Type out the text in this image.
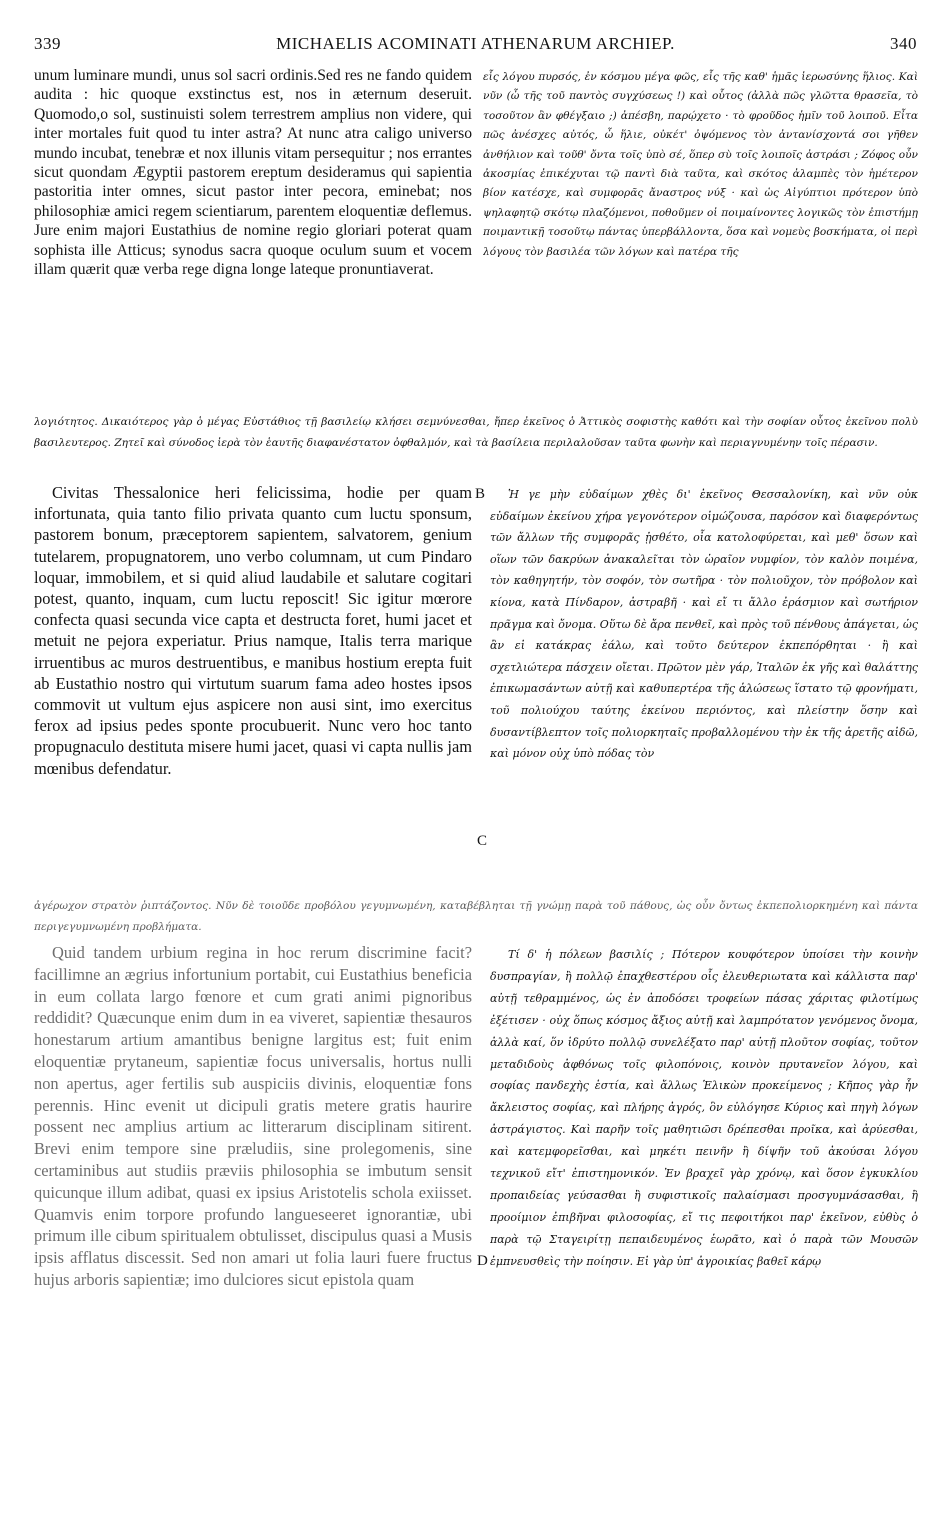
339	MICHAELIS ACOMINATI ATHENARUM ARCHIEP.	340

unum luminare mundi, unus sol sacri ordinis.Sed res ne fando quidem audita : hic quoque exstinctus est, nos in æternum deseruit. Quomodo,o sol, sustinuisti solem terrestrem amplius non videre, qui inter mortales fuit quod tu inter astra? At nunc atra caligo universo mundo incubat, tenebræ et nox illunis vitam persequitur ; nos errantes sicut quondam Ægyptii pastorem ereptum desideramus qui sapientia pastoritia inter omnes, sicut pastor inter pecora, eminebat; nos philosophiæ amici regem scientiarum, parentem eloquentiæ deflemus. Jure enim majori Eustathius de nomine regio gloriari poterat quam sophista ille Atticus; synodus sacra quoque oculum suum et vocem illam quærit quæ verba rege digna longe lateque pronuntiaverat.

εἷς λόγου πυρσός, ἐν κόσμου μέγα φῶς, εἷς τῆς καθ' ἡμᾶς ἱερωσύνης ἥλιος. Καὶ νῦν (ὦ τῆς τοῦ παντὸς συγχύσεως !) καὶ οὗτος (ἀλλὰ πῶς γλῶττα θρασεῖα, τὸ τοσοῦτον ἂν φθέγξαιο ;) ἀπέσβη, παρῴχετο · τὸ φροῦδος ἡμῖν τοῦ λοιποῦ. Εἶτα πῶς ἀνέσχες αὐτός, ὦ ἥλιε, οὐκέτ' ὀψόμενος τὸν ἀντανίσχοντά σοι γῆθεν ἀνθήλιον καὶ τοῦθ' ὄντα τοῖς ὑπὸ σέ, ὅπερ σὺ τοῖς λοιποῖς ἀστράσι ; Ζόφος οὖν ἀκοσμίας ἐπικέχυται τῷ παντὶ διὰ ταῦτα, καὶ σκότος ἀλαμπὲς τὸν ἡμέτερον βίον κατέσχε, καὶ συμφορᾶς ἄναστρος νύξ · καὶ ὡς Αἰγύπτιοι πρότερον ὑπὸ ψηλαφητῷ σκότῳ πλαζόμενοι, ποθοῦμεν οἱ ποιμαίνοντες λογικῶς τὸν ἐπιστήμῃ ποιμαντικῇ τοσοῦτῳ πάντας ὑπερβάλλοντα, ὅσα καὶ νομεὺς βοσκήματα, οἱ περὶ λόγους τὸν βασιλέα τῶν λόγων καὶ πατέρα τῆς

λογιότητος. Δικαιότερος γὰρ ὁ μέγας Εὐστάθιος τῇ βασιλείῳ κλήσει σεμνύνεσθαι, ἤπερ ἐκεῖνος ὁ Ἀττικὸς σοφιστὴς καθότι καὶ τὴν σοφίαν οὗτος ἐκεῖνου πολὺ βασιλευτερος. Ζητεῖ καὶ σύνοδος ἱερὰ τὸν ἑαυτῆς διαφανέστατον ὀφθαλμόν, καὶ τὰ βασίλεια περιλαλοῦσαν ταῦτα φωνὴν καὶ περιαγνυμένην τοῖς πέρασιν.

B

Civitas Thessalonice heri felicissima, hodie per quam infortunata, quia tanto filio privata quanto cum luctu sponsum, pastorem bonum, præceptorem sapientem, salvatorem, genium tutelarem, propugnatorem, uno verbo columnam, ut cum Pindaro loquar, immobilem, et si quid aliud laudabile et salutare cogitari potest, quanto, inquam, cum luctu reposcit! Sic igitur mœrore confecta quasi secunda vice capta et destructa foret, humi jacet et metuit ne pejora experiatur. Prius namque, Italis terra marique irruentibus ac muros destruentibus, e manibus hostium erepta fuit ab Eustathio nostro qui virtutum suarum fama adeo hostes ipsos commovit ut vultum ejus aspicere non ausi sint, imo exercitus ferox ad ipsius pedes sponte procubuerit. Nunc vero hoc tanto propugnaculo destituta misere humi jacet, quasi vi capta nullis jam mœnibus defendatur.

Ἡ γε μὴν εὐδαίμων χθὲς δι' ἐκεῖνος Θεσσαλονίκη, καὶ νῦν οὐκ εὐδαίμων ἐκείνου χήρα γεγονότερον οἰμώζουσα, παρόσον καὶ διαφερόντως τῶν ἄλλων τῆς συμφορᾶς ᾐσθέτο, οἷα κατολοφύρεται, καὶ μεθ' ὅσων καὶ οἵων τῶν δακρύων ἀνακαλεῖται τὸν ὡραῖον νυμφίον, τὸν καλὸν ποιμένα, τὸν καθηγητήν, τὸν σοφόν, τὸν σωτῆρα · τὸν πολιοῦχον, τὸν πρόβολον καὶ κίονα, κατὰ Πίνδαρον, ἀστραβῆ · καὶ εἴ τι ἄλλο ἐράσμιον καὶ σωτήριον πρᾶγμα καὶ ὄνομα. Οὕτω δὲ ἄρα πενθεῖ, καὶ πρὸς τοῦ πένθους ἀπάγεται, ὡς ἂν εἰ κατάκρας ἑάλω, καὶ τοῦτο δεύτερον ἐκπεπόρθηται · ἢ καὶ σχετλιώτερα πάσχειν οἴεται. Πρῶτον μὲν γάρ, Ἰταλῶν ἐκ γῆς καὶ θαλάττης ἐπικωμασάντων αὐτῇ καὶ καθυπερτέρα τῆς ἁλώσεως ἵστατο τῷ φρονήματι, τοῦ πολιούχου ταύτης ἐκείνου περιόντος, καὶ πλείστην ὅσην καὶ δυσαντίβλεπτον τοῖς πολιορκηταῖς προβαλλομένου τὴν ἐκ τῆς ἀρετῆς αἰδῶ, καὶ μόνον οὐχ ὑπὸ πόδας τὸν

C

ἀγέρωχον στρατὸν ῥιπτάζοντος. Νῦν δὲ τοιοῦδε προβόλου γεγυμνωμένη, καταβέβληται τῇ γνώμῃ παρὰ τοῦ πάθους, ὡς οὖν ὄντως ἐκπεπολιορκημένη καὶ πάντα περιγεγυμνωμένη προβλήματα.

Quid tandem urbium regina in hoc rerum discrimine facit? facillimne an ægrius infortunium portabit, cui Eustathius beneficia in eum collata largo fœnore et cum grati animi pignoribus reddidit? Quæcunque enim dum in ea viveret, sapientiæ thesauros honestarum artium amantibus benigne largitus est; fuit enim eloquentiæ prytaneum, sapientiæ focus universalis, hortus nulli non apertus, ager fertilis sub auspiciis divinis, eloquentiæ fons perennis. Hinc evenit ut dicipuli gratis metere gratis haurire possent nec amplius artium ac litterarum disciplinam sitirent. Brevi enim tempore sine præludiis, sine prolegomenis, sine certaminibus aut studiis præviis philosophia se imbutum sensit quicunque illum adibat, quasi ex ipsius Aristotelis schola exiisset. Quamvis enim torpore profundo langueseeret ignorantiæ, ubi primum ille cibum spiritualem obtulisset, discipulus quasi a Musis ipsis afflatus discessit. Sed non amari ut folia lauri fuere fructus hujus arboris sapientiæ; imo dulciores sicut epistola quam

D

Τί δ' ἡ πόλεων βασιλίς ; Πότερον κουφότερον ὑποίσει τὴν κοινὴν δυσπραγίαν, ἢ πολλῷ ἐπαχθεστέρου οἷς ἐλευθεριωτατα καὶ κάλλιστα παρ' αὐτῇ τεθραμμένος, ὡς ἐν ἀποδόσει τροφείων πάσας χάριτας φιλοτίμως ἐξέτισεν · οὐχ ὅπως κόσμος ἄξιος αὐτῇ καὶ λαμπρότατον γενόμενος ὄνομα, ἀλλὰ καί, ὅν ἱδρύτο πολλῷ συνελέξατο παρ' αὐτῇ πλοῦτον σοφίας, τοῦτον μεταδιδοὺς ἀφθόνως τοῖς φιλοπόνοις, κοινὸν πρυτανεῖον λόγου, καὶ σοφίας πανδεχὴς ἑστία, καὶ ἄλλως Ἑλικὼν προκείμενος ; Κῆπος γὰρ ἦν ἄκλειστος σοφίας, καὶ πλήρης ἀγρός, ὃν εὐλόγησε Κύριος καὶ πηγὴ λόγων ἀστράγιστος. Καὶ παρῆν τοῖς μαθητιῶσι δρέπεσθαι προῖκα, καὶ ἀρύεσθαι, καὶ κατεμφορεῖσθαι, καὶ μηκέτι πεινῆν ἢ δίψῆν τοῦ ἀκούσαι λόγου τεχνικοῦ εἴτ' ἐπιστημονικόν. Ἐν βραχεῖ γὰρ χρόνῳ, καὶ ὅσον ἐγκυκλίου προπαιδείας γεύσασθαι ἢ συφιστικοῖς παλαίσμασι προσγυμνάσασθαι, ἢ προοίμιον ἐπιβῆναι φιλοσοφίας, εἴ τις πεφοιτήκοι παρ' ἐκεῖνον, εὐθὺς ὁ παρὰ τῷ Σταγειρίτῃ πεπαιδευμένος ἑωρᾶτο, καὶ ὁ παρὰ τῶν Μουσῶν ἐμπνευσθεὶς τὴν ποίησιν. Εἰ γὰρ ὑπ' ἀγροικίας βαθεῖ κάρῳ
